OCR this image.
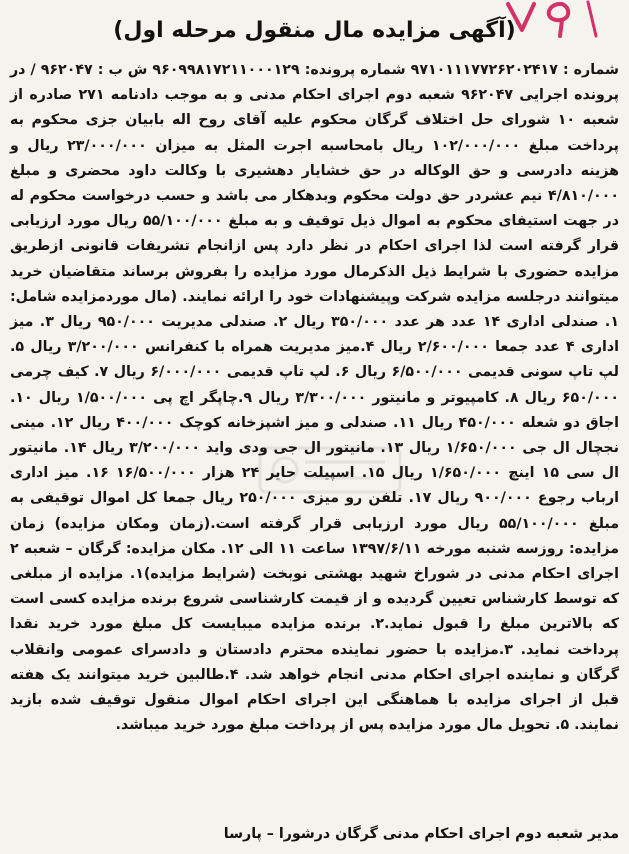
(آگهی مزایده مال منقول مرحله اول)
شماره : ۹۷۱۰۱۱۱۷۷۲۶۲۰۲۴۱۷ شماره پرونده: ۹۶۰۹۹۸۱۷۲۱۱۰۰۰۱۲۹ ش ب : ۹۶۲۰۴۷ / در پرونده اجرایی ۹۶۲۰۴۷ شعبه دوم اجرای احکام مدنی و به موجب دادنامه ۲۷۱ صادره از شعبه ۱۰ شورای حل اختلاف گرگان محکوم علیه آقای روح اله بابیان جزی محکوم به پرداخت مبلغ ۱۰۲/۰۰۰/۰۰۰ ریال بامحاسبه اجرت المثل به میزان ۲۳/۰۰۰/۰۰۰ ریال و هزینه دادرسی و حق الوکاله در حق خشایار دهشیری با وکالت داود محضری و مبلغ ۴/۸۱۰/۰۰۰ نیم عشردر حق دولت محکوم وبدهکار می باشد و حسب درخواست محکوم له در جهت استیفای محکوم به اموال ذیل توقیف و به مبلغ ۵۵/۱۰۰/۰۰۰ ریال مورد ارزیابی قرار گرفته است لذا اجرای احکام در نظر دارد پس ازانجام تشریفات قانونی ازطریق مزایده حضوری با شرایط ذیل الذکرمال مورد مزایده را بفروش برساند متقاضیان خرید میتوانند درجلسه مزایده شرکت وپیشنهادات خود را ارائه نمایند. (مال موردمزایده شامل: ۱. صندلی اداری ۱۴ عدد هر عدد ۳۵۰/۰۰۰ ریال ۲. صندلی مدیریت ۹۵۰/۰۰۰ ریال ۳. میز اداری ۴ عدد جمعا ۲/۶۰۰/۰۰۰ ریال ۴.میز مدیریت همراه با کنفرانس ۳/۲۰۰/۰۰۰ ریال ۵. لپ تاپ سونی قدیمی ۶/۵۰۰/۰۰۰ ریال ۶. لپ تاپ قدیمی ۶/۰۰۰/۰۰۰ ریال ۷. کیف چرمی ۶۵۰/۰۰۰ ریال ۸. کامپیوتر و مانیتور ۳/۳۰۰/۰۰۰ ریال ۹.چاپگر اچ پی ۱/۵۰۰/۰۰۰ ریال ۱۰. اجاق دو شعله ۴۵۰/۰۰۰ ریال ۱۱. صندلی و میز اشپزخانه کوچک ۴۰۰/۰۰۰ ریال ۱۲. مینی نجچال ال جی ۱/۶۵۰/۰۰۰ ریال ۱۳. مانیتور ال جی ودی واید ۳/۲۰۰/۰۰۰ ریال ۱۴. مانیتور ال سی ۱۵ اینچ ۱/۶۵۰/۰۰۰ ریال ۱۵. اسپیلت حایر ۲۴ هزار ۱۶/۵۰۰/۰۰۰ ۱۶. میز اداری ارباب رجوع ۹۰۰/۰۰۰ ریال ۱۷. تلفن رو میزی ۲۵۰/۰۰۰ ریال جمعا کل اموال توقیفی به مبلغ ۵۵/۱۰۰/۰۰۰ ریال مورد ارزیابی قرار گرفته است.(زمان ومکان مزایده) زمان مزایده: روزسه شنبه مورخه ۱۳۹۷/۶/۱۱ ساعت ۱۱ الی ۱۲. مکان مزایده: گرگان – شعبه ۲ اجرای احکام مدنی در شوراخ شهید بهشتی نوبخت (شرایط مزایده)۱. مزایده از مبلغی که توسط کارشناس تعیین گردیده و از قیمت کارشناسی شروع برنده مزایده کسی است که بالاترین مبلغ را قبول نماید.۲. برنده مزایده میبایست کل مبلغ مورد خرید نقدا پرداخت نماید. ۳.مزایده با حضور نماینده محترم دادستان و دادسرای عمومی وانقلاب گرگان و نماینده اجرای احکام مدنی انجام خواهد شد. ۴.طالبین خرید میتوانند یک هفته قبل از اجرای مزایده با هماهنگی این اجرای احکام اموال منقول توقیف شده بازید نمایند. ۵. تحویل مال مورد مزایده پس از پرداخت مبلغ مورد خرید میباشد.
مدیر شعبه دوم اجرای احکام مدنی گرگان درشورا – پارسا
